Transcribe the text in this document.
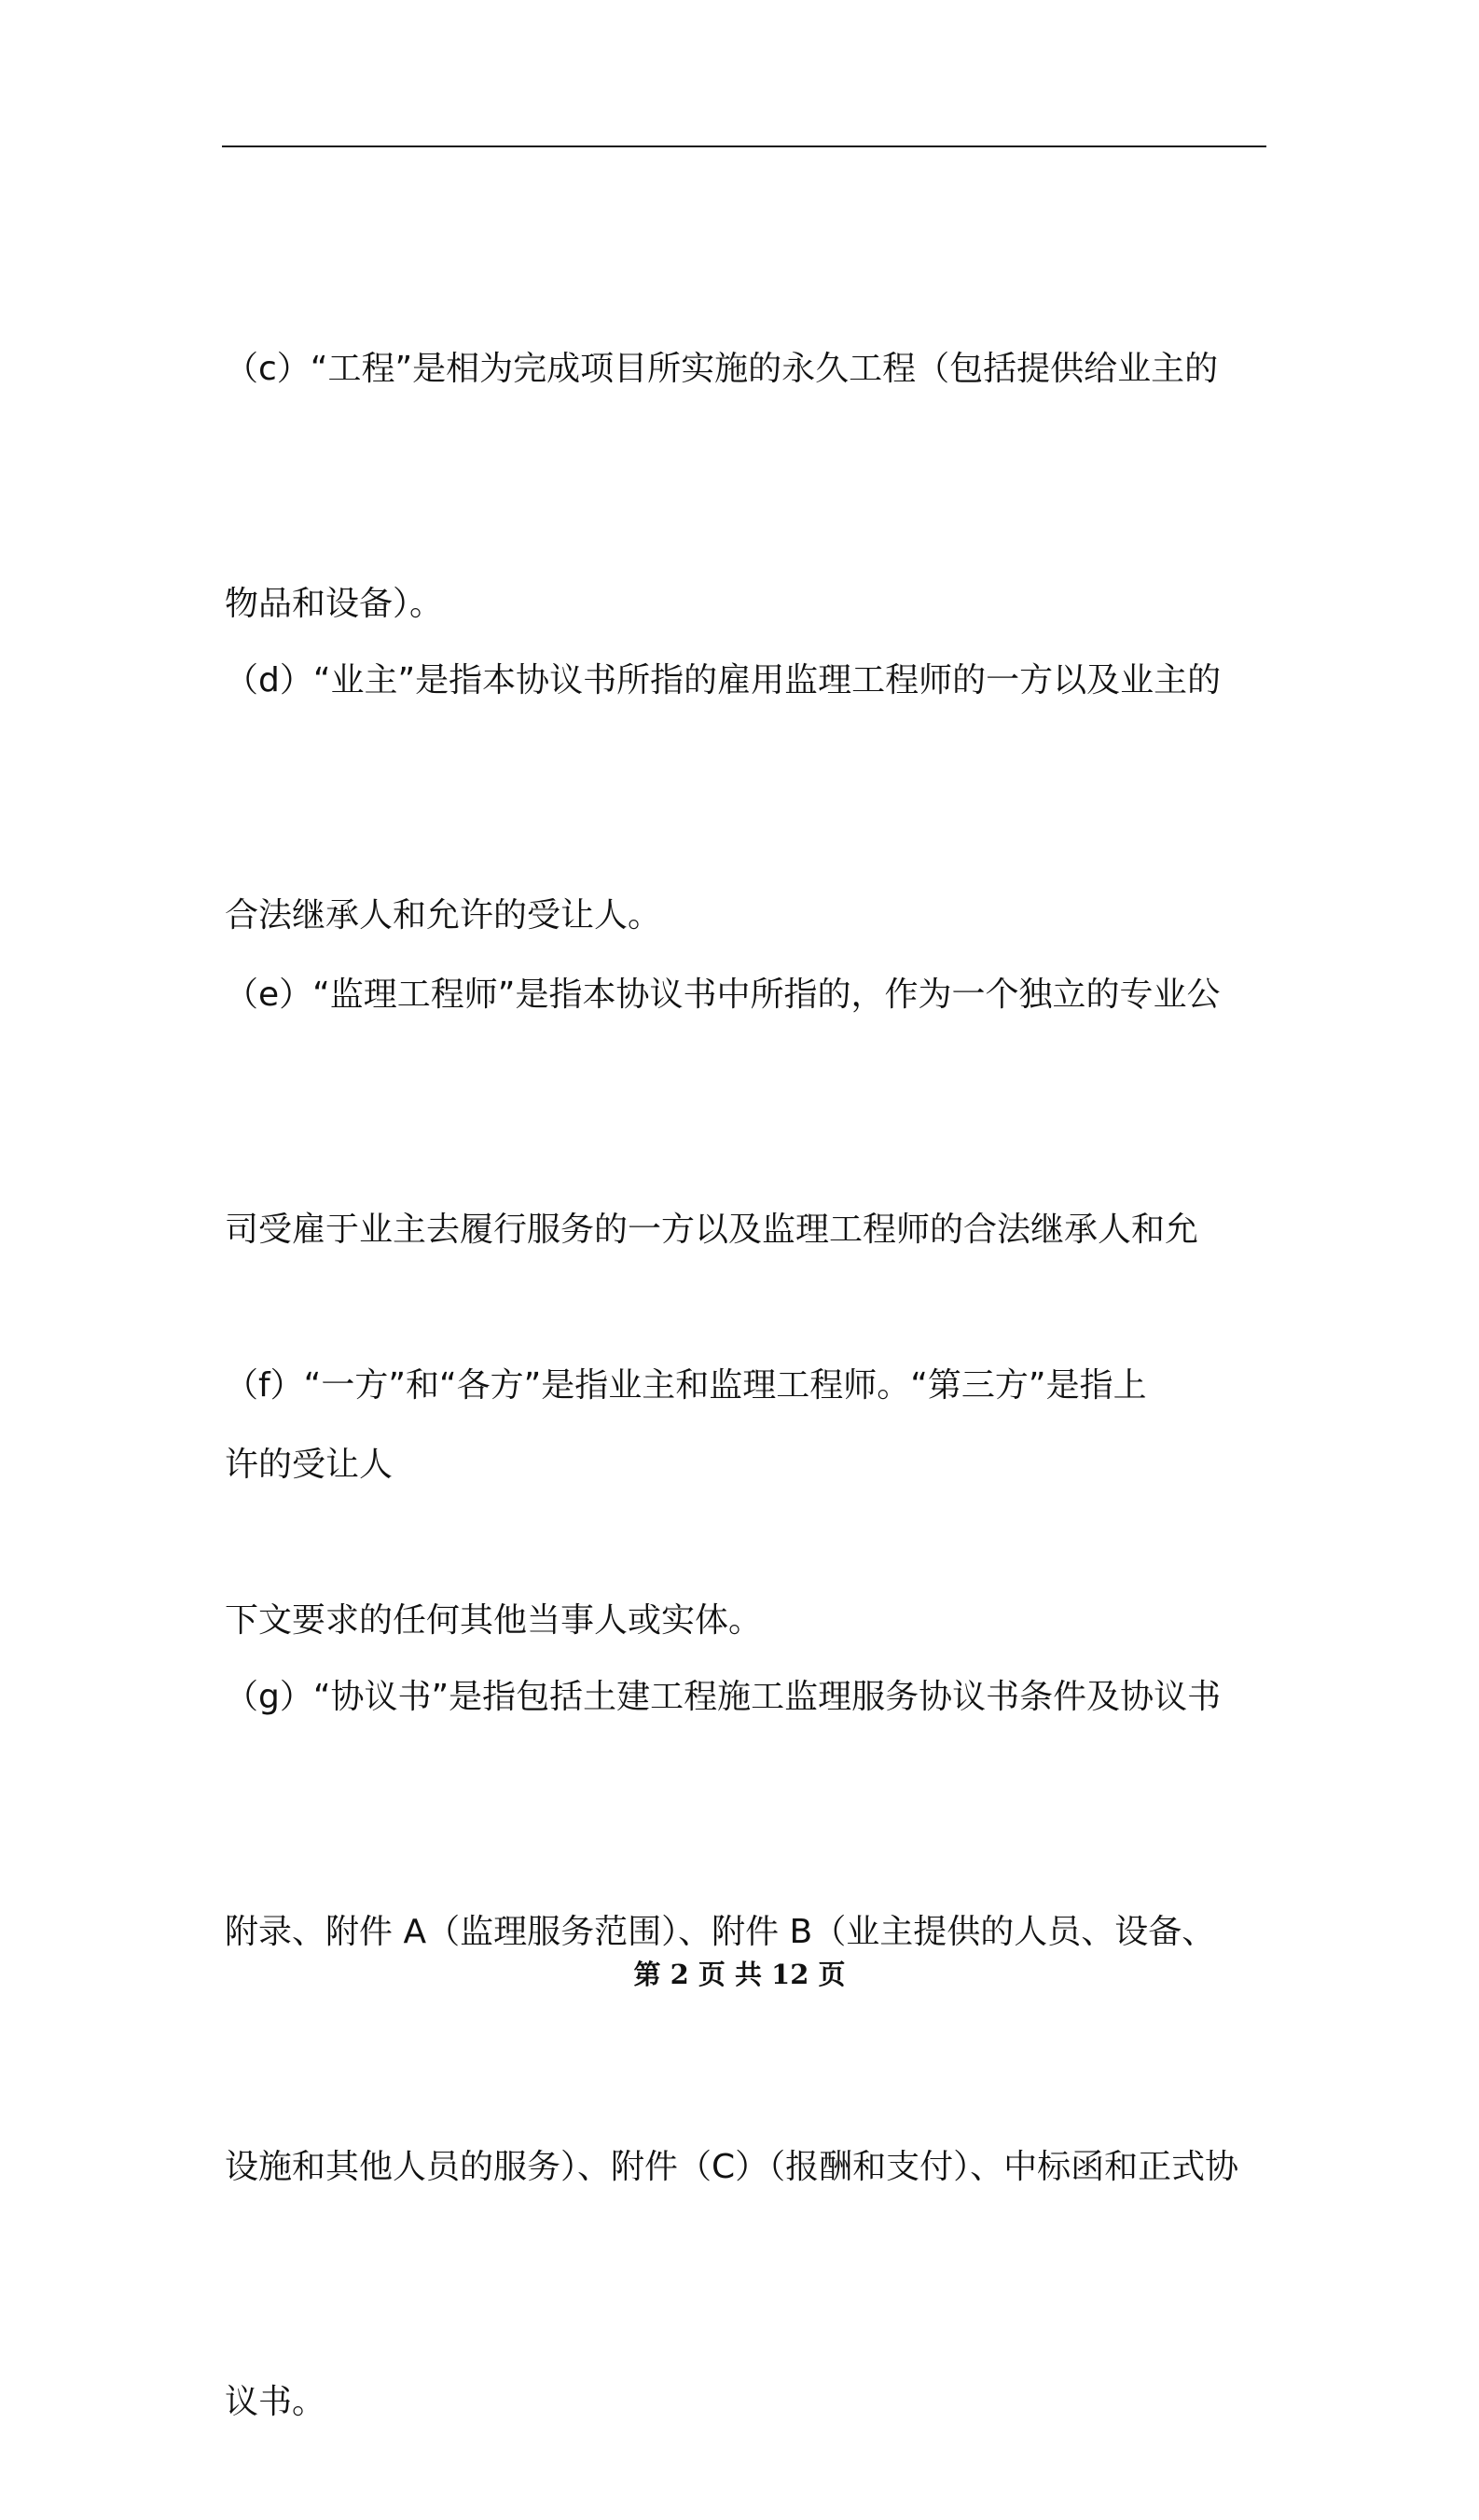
（c）“工程”是相为完成项目所实施的永久工程（包括提供给业主的

物品和设备）。

（d）“业主”是指本协议书所指的雇用监理工程师的一方以及业主的

合法继承人和允许的受让人。

（e）“监理工程师”是指本协议书中所指的，作为一个独立的专业公

司受雇于业主去履行服务的一方以及监理工程师的合法继承人和允

许的受让人

（f）“一方”和“各方”是指业主和监理工程师。“第三方”是指上

下文要求的任何其他当事人或实体。

（g）“协议书”是指包括土建工程施工监理服务协议书条件及协议书

附录、附件 A（监理服务范围）、附件 B（业主提供的人员、设备、

设施和其他人员的服务）、附件（C）（报酬和支付）、中标函和正式协

议书。

第 2 页 共 12 页
